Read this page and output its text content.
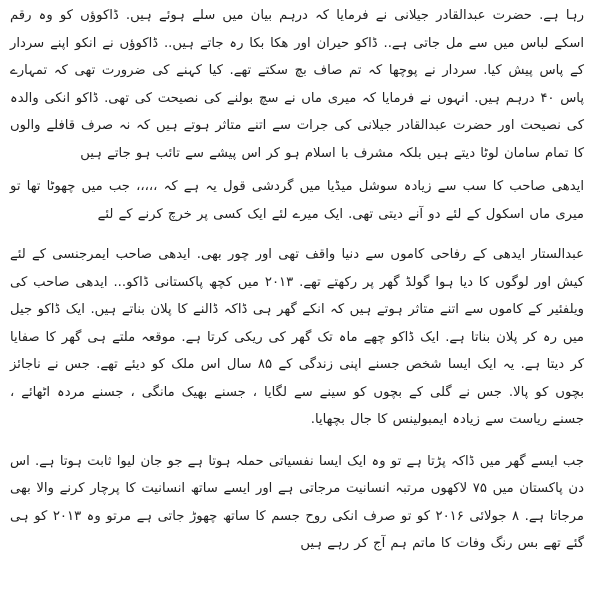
رہا ہے. حضرت عبدالقادر جیلانی نے فرمایا کہ درہم بیان میں سلے ہوئے ہیں. ڈاکوؤں کو وہ رقم اسکے لباس میں سے مل جاتی ہے.. ڈاکو حیران اور ھکا بکا رہ جاتے ہیں.. ڈاکوؤں نے انکو اپنے سردار کے پاس پیش کیا. سردار نے پوچھا کہ تم صاف بچ سکتے تھے. کیا کہنے کی ضرورت تھی کہ تمہارے پاس ۴۰ درہم ہیں. انہوں نے فرمایا کہ میری ماں نے سچ بولنے کی نصیحت کی تھی. ڈاکو انکی والدہ کی نصیحت اور حضرت عبدالقادر جیلانی کی جرات سے اتنے متاثر ہوتے ہیں کہ نہ صرف قافلے والوں کا تمام سامان لوٹا دیتے ہیں بلکہ مشرف با اسلام ہو کر اس پیشے سے تائب ہو جاتے ہیں

ایدھی صاحب کا سب سے زیادہ سوشل میڈیا میں گردشی قول یہ ہے کہ ،،،،، جب میں چھوٹا تھا تو میری ماں اسکول کے لئے دو آنے دیتی تھی. ایک میرے لئے ایک کسی پر خرچ کرنے کے لئے

عبدالستار ایدھی کے رفاحی کاموں سے دنیا واقف تھی اور چور بھی. ایدھی صاحب ایمرجنسی کے لئے کیش اور لوگوں کا دیا ہوا گولڈ گھر پر رکھتے تھے. ۲۰۱۳ میں کچھ پاکستانی ڈاکو... ایدھی صاحب کی ویلفئیر کے کاموں سے اتنے متاثر ہوتے ہیں کہ انکے گھر ہی ڈاکہ ڈالنے کا پلان بناتے ہیں. ایک ڈاکو جیل میں رہ کر پلان بناتا ہے. ایک ڈاکو چھے ماہ تک گھر کی ریکی کرتا ہے. موقعہ ملتے ہی گھر کا صفایا کر دیتا ہے. یہ ایک ایسا شخص جسنے اپنی زندگی کے ۸۵ سال اس ملک کو دیئے تھے. جس نے ناجائز بچوں کو پالا. جس نے گلی کے بچوں کو سینے سے لگایا ، جسنے بھیک مانگی ، جسنے مردہ اٹھائے ، جسنے ریاست سے زیادہ ایمبولینس کا جال بچھایا.

جب ایسے گھر میں ڈاکہ پڑتا ہے تو وہ ایک ایسا نفسیاتی حملہ ہوتا ہے جو جان لیوا ثابت ہوتا ہے. اس دن پاکستان میں ۷۵ لاکھوں مرتبہ انسانیت مرجاتی ہے اور ایسے ساتھ انسانیت کا پرچار کرنے والا بھی مرجاتا ہے. ۸ جولائی ۲۰۱۶ کو تو صرف انکی روح جسم کا ساتھ چھوڑ جاتی ہے مرتو وہ ۲۰۱۳ کو ہی گئے تھے بس رنگ وفات کا ماتم ہم آج کر رہے ہیں
